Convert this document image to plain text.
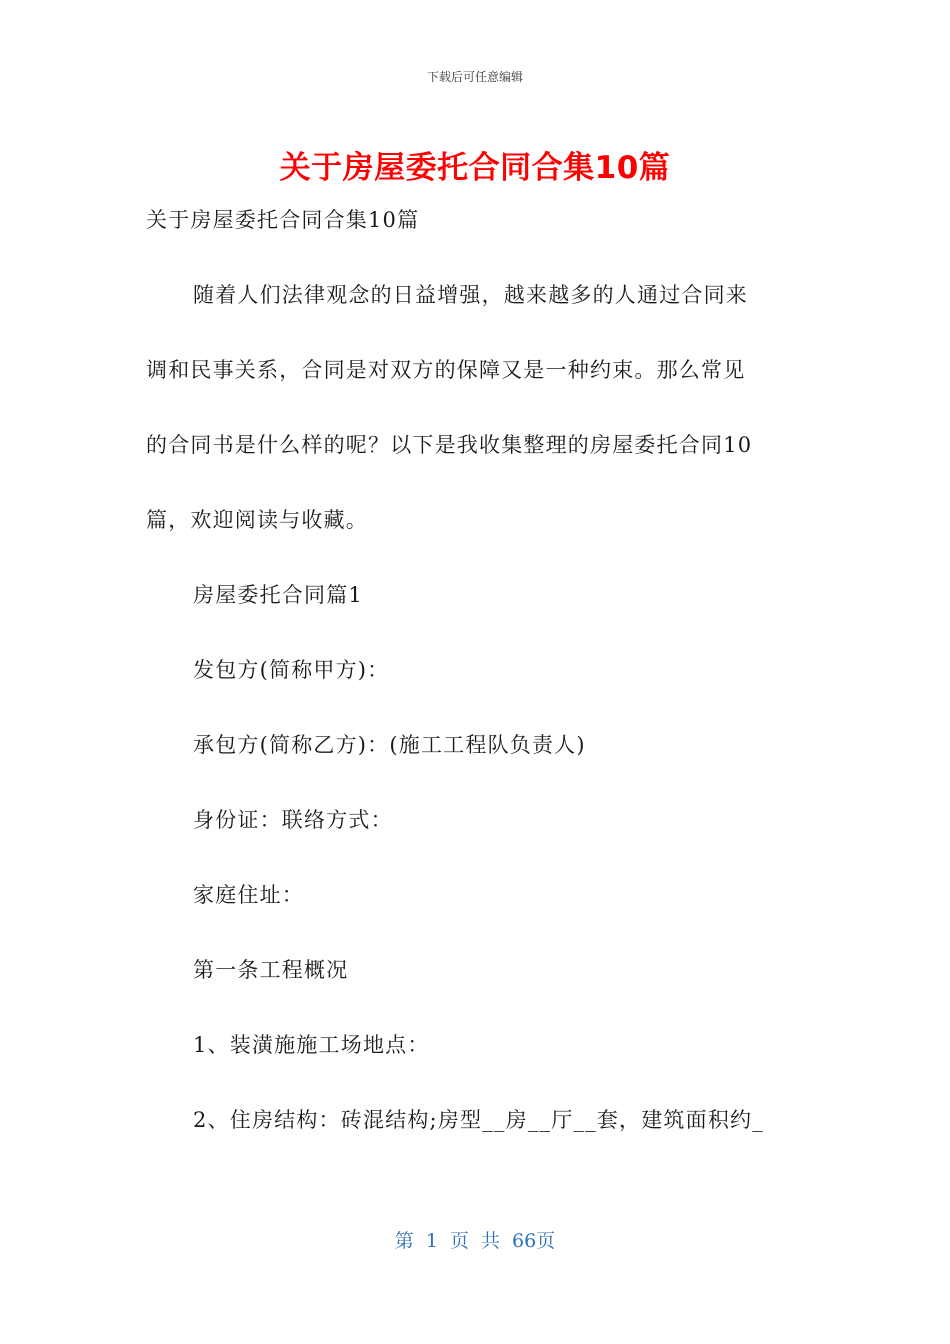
下载后可任意编辑
关于房屋委托合同合集10篇
关于房屋委托合同合集10篇
随着人们法律观念的日益增强，越来越多的人通过合同来
调和民事关系，合同是对双方的保障又是一种约束。那么常见
的合同书是什么样的呢？以下是我收集整理的房屋委托合同10
篇，欢迎阅读与收藏。
房屋委托合同篇1
发包方(简称甲方)：
承包方(简称乙方)：(施工工程队负责人)
身份证：联络方式：
家庭住址：
第一条工程概况
1、装潢施施工场地点：
2、住房结构：砖混结构;房型__房__厅__套，建筑面积约_
第 1 页 共 66页
